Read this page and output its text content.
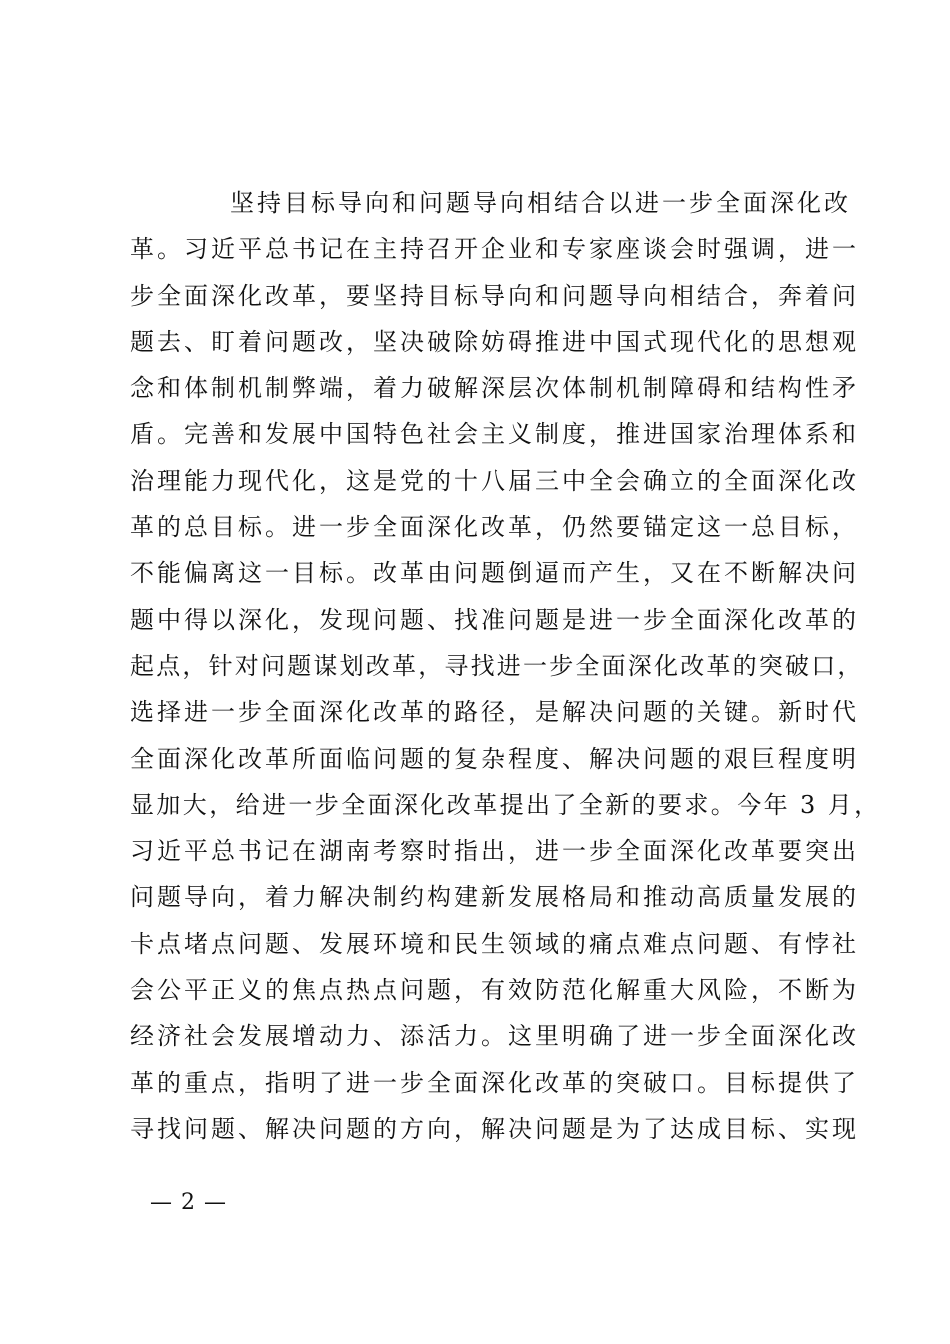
坚持目标导向和问题导向相结合以进一步全面深化改
革。习近平总书记在主持召开企业和专家座谈会时强调，进一
步全面深化改革，要坚持目标导向和问题导向相结合，奔着问
题去、盯着问题改，坚决破除妨碍推进中国式现代化的思想观
念和体制机制弊端，着力破解深层次体制机制障碍和结构性矛
盾。完善和发展中国特色社会主义制度，推进国家治理体系和
治理能力现代化，这是党的十八届三中全会确立的全面深化改
革的总目标。进一步全面深化改革，仍然要锚定这一总目标，
不能偏离这一目标。改革由问题倒逼而产生，又在不断解决问
题中得以深化，发现问题、找准问题是进一步全面深化改革的
起点，针对问题谋划改革，寻找进一步全面深化改革的突破口，
选择进一步全面深化改革的路径，是解决问题的关键。新时代
全面深化改革所面临问题的复杂程度、解决问题的艰巨程度明
显加大，给进一步全面深化改革提出了全新的要求。今年 3 月，
习近平总书记在湖南考察时指出，进一步全面深化改革要突出
问题导向，着力解决制约构建新发展格局和推动高质量发展的
卡点堵点问题、发展环境和民生领域的痛点难点问题、有悖社
会公平正义的焦点热点问题，有效防范化解重大风险，不断为
经济社会发展增动力、添活力。这里明确了进一步全面深化改
革的重点，指明了进一步全面深化改革的突破口。目标提供了
寻找问题、解决问题的方向，解决问题是为了达成目标、实现
— 2 —
